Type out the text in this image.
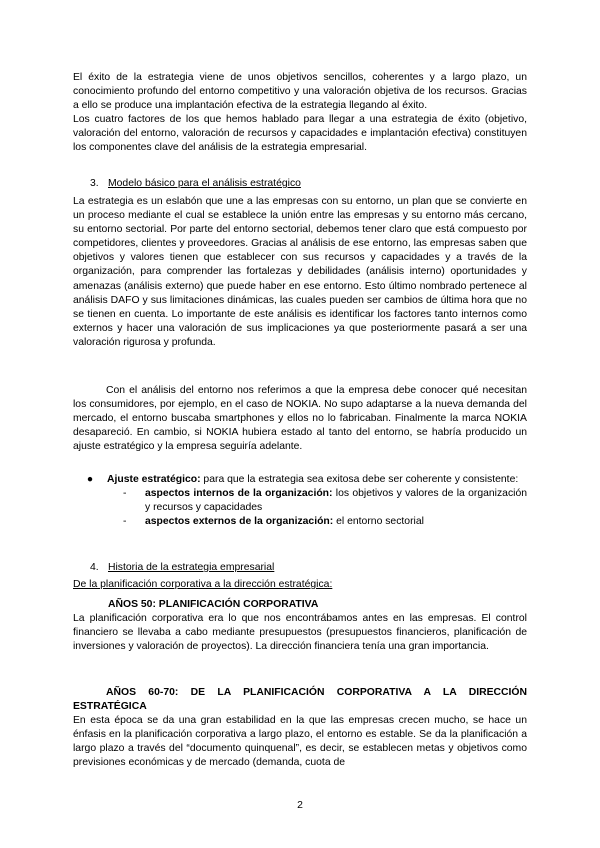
El éxito de la estrategia viene de unos objetivos sencillos, coherentes y a largo plazo, un conocimiento profundo del entorno competitivo y una valoración objetiva de los recursos. Gracias a ello se produce una implantación efectiva de la estrategia llegando al éxito.

Los cuatro factores de los que hemos hablado para llegar a una estrategia de éxito (objetivo, valoración del entorno, valoración de recursos y capacidades e implantación efectiva) constituyen los componentes clave del análisis de la estrategia empresarial.

3. Modelo básico para el análisis estratégico

La estrategia es un eslabón que une a las empresas con su entorno, un plan que se convierte en un proceso mediante el cual se establece la unión entre las empresas y su entorno más cercano, su entorno sectorial. Por parte del entorno sectorial, debemos tener claro que está compuesto por competidores, clientes y proveedores. Gracias al análisis de ese entorno, las empresas saben que objetivos y valores tienen que establecer con sus recursos y capacidades y a través de la organización, para comprender las fortalezas y debilidades (análisis interno) oportunidades y amenazas (análisis externo) que puede haber en ese entorno. Esto último nombrado pertenece al análisis DAFO y sus limitaciones dinámicas, las cuales pueden ser cambios de última hora que no se tienen en cuenta. Lo importante de este análisis es identificar los factores tanto internos como externos y hacer una valoración de sus implicaciones ya que posteriormente pasará a ser una valoración rigurosa y profunda.

Con el análisis del entorno nos referimos a que la empresa debe conocer qué necesitan los consumidores, por ejemplo, en el caso de NOKIA. No supo adaptarse a la nueva demanda del mercado, el entorno buscaba smartphones y ellos no lo fabricaban. Finalmente la marca NOKIA desapareció. En cambio, si NOKIA hubiera estado al tanto del entorno, se habría producido un ajuste estratégico y la empresa seguiría adelante.

●	Ajuste estratégico: para que la estrategia sea exitosa debe ser coherente y consistente:
-	aspectos internos de la organización: los objetivos y valores de la organización y recursos y capacidades
-	aspectos externos de la organización: el entorno sectorial

4. Historia de la estrategia empresarial

De la planificación corporativa a la dirección estratégica:

AÑOS 50: PLANIFICACIÓN CORPORATIVA

La planificación corporativa era lo que nos encontrábamos antes en las empresas. El control financiero se llevaba a cabo mediante presupuestos (presupuestos financieros, planificación de inversiones y valoración de proyectos). La dirección financiera tenía una gran importancia.

AÑOS 60-70: DE LA PLANIFICACIÓN CORPORATIVA A LA DIRECCIÓN ESTRATÉGICA

En esta época se da una gran estabilidad en la que las empresas crecen mucho, se hace un énfasis en la planificación corporativa a largo plazo, el entorno es estable. Se da la planificación a largo plazo a través del “documento quinquenal”, es decir, se establecen metas y objetivos como previsiones económicas y de mercado (demanda, cuota de

2
